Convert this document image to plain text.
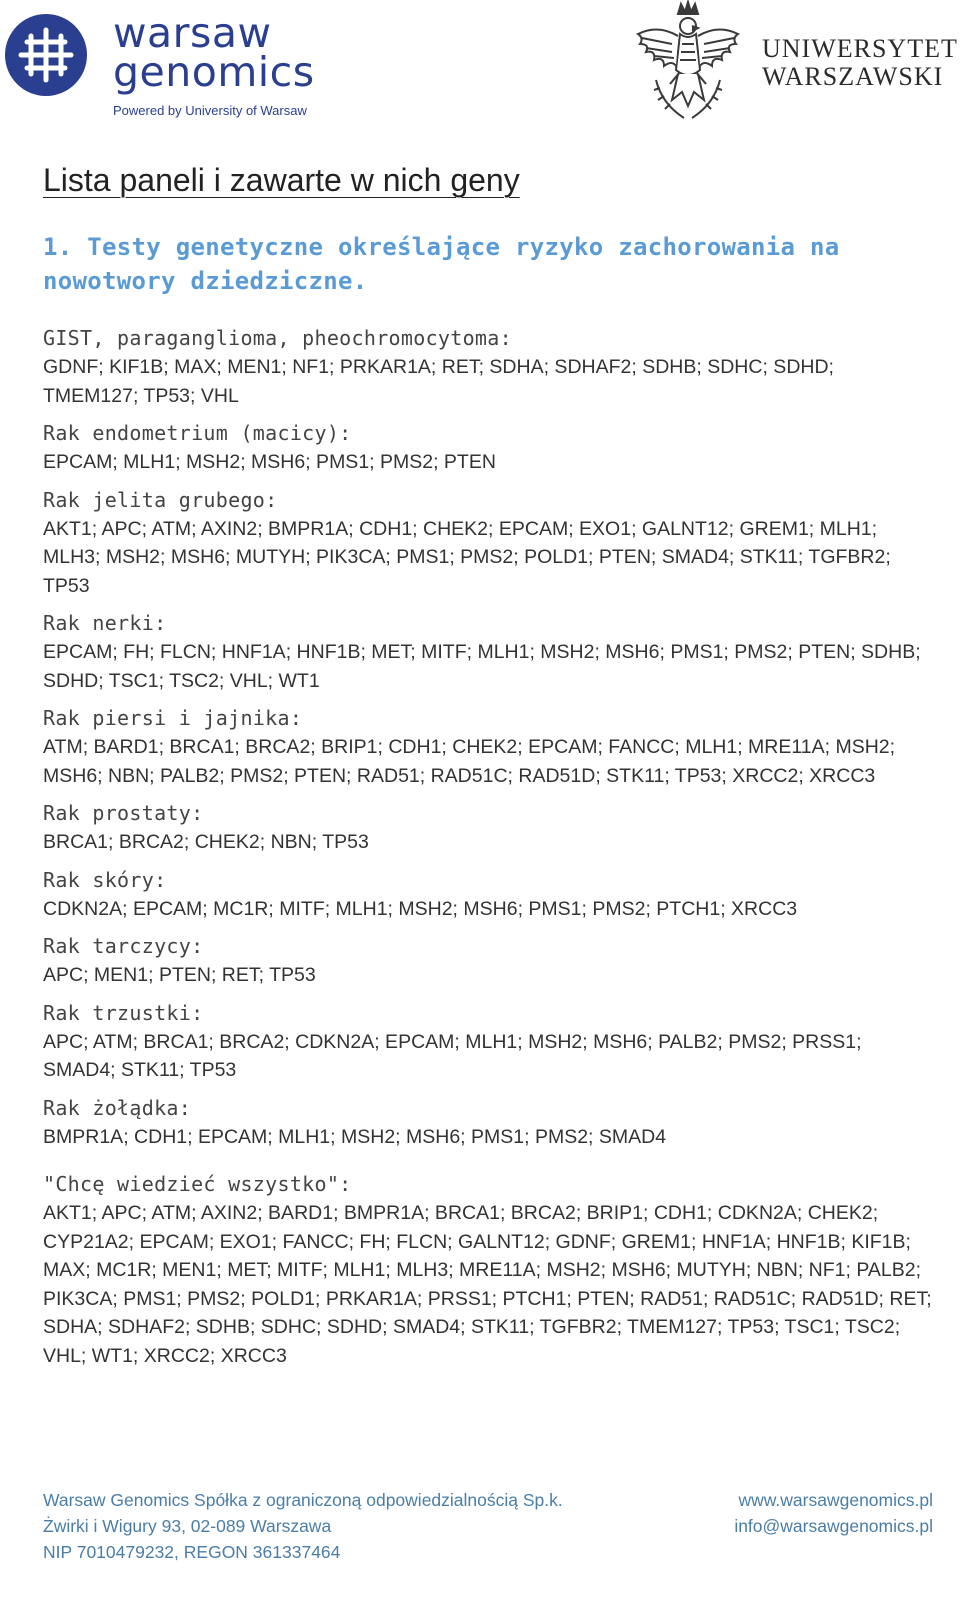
warsaw
genomics
Powered by University of Warsaw
UNIWERSYTET
WARSZAWSKI
Lista paneli i zawarte w nich geny
1. Testy genetyczne określające ryzyko zachorowania na nowotwory dziedziczne.

GIST, paraganglioma, pheochromocytoma:

GDNF; KIF1B; MAX; MEN1; NF1; PRKAR1A; RET; SDHA; SDHAF2; SDHB; SDHC; SDHD; TMEM127; TP53; VHL

Rak endometrium (macicy):

EPCAM; MLH1; MSH2; MSH6; PMS1; PMS2; PTEN

Rak jelita grubego:

AKT1; APC; ATM; AXIN2; BMPR1A; CDH1; CHEK2; EPCAM; EXO1; GALNT12; GREM1; MLH1; MLH3; MSH2; MSH6; MUTYH; PIK3CA; PMS1; PMS2; POLD1; PTEN; SMAD4; STK11; TGFBR2; TP53

Rak nerki:

EPCAM; FH; FLCN; HNF1A; HNF1B; MET; MITF; MLH1; MSH2; MSH6; PMS1; PMS2; PTEN; SDHB; SDHD; TSC1; TSC2; VHL; WT1

Rak piersi i jajnika:

ATM; BARD1; BRCA1; BRCA2; BRIP1; CDH1; CHEK2; EPCAM; FANCC; MLH1; MRE11A; MSH2; MSH6; NBN; PALB2; PMS2; PTEN; RAD51; RAD51C; RAD51D; STK11; TP53; XRCC2; XRCC3

Rak prostaty:

BRCA1; BRCA2; CHEK2; NBN; TP53

Rak skóry:

CDKN2A; EPCAM; MC1R; MITF; MLH1; MSH2; MSH6; PMS1; PMS2; PTCH1; XRCC3

Rak tarczycy:

APC; MEN1; PTEN; RET; TP53

Rak trzustki:

APC; ATM; BRCA1; BRCA2; CDKN2A; EPCAM; MLH1; MSH2; MSH6; PALB2; PMS2; PRSS1; SMAD4; STK11; TP53

Rak żołądka:

BMPR1A; CDH1; EPCAM; MLH1; MSH2; MSH6; PMS1; PMS2; SMAD4

"Chcę wiedzieć wszystko":

AKT1; APC; ATM; AXIN2; BARD1; BMPR1A; BRCA1; BRCA2; BRIP1; CDH1; CDKN2A; CHEK2; CYP21A2; EPCAM; EXO1; FANCC; FH; FLCN; GALNT12; GDNF; GREM1; HNF1A; HNF1B; KIF1B; MAX; MC1R; MEN1; MET; MITF; MLH1; MLH3; MRE11A; MSH2; MSH6; MUTYH; NBN; NF1; PALB2; PIK3CA; PMS1; PMS2; POLD1; PRKAR1A; PRSS1; PTCH1; PTEN; RAD51; RAD51C; RAD51D; RET; SDHA; SDHAF2; SDHB; SDHC; SDHD; SMAD4; STK11; TGFBR2; TMEM127; TP53; TSC1; TSC2; VHL; WT1; XRCC2; XRCC3

Warsaw Genomics Spółka z ograniczoną odpowiedzialnością Sp.k.
Żwirki i Wigury 93, 02-089 Warszawa
NIP 7010479232, REGON 361337464
www.warsawgenomics.pl
info@warsawgenomics.pl
